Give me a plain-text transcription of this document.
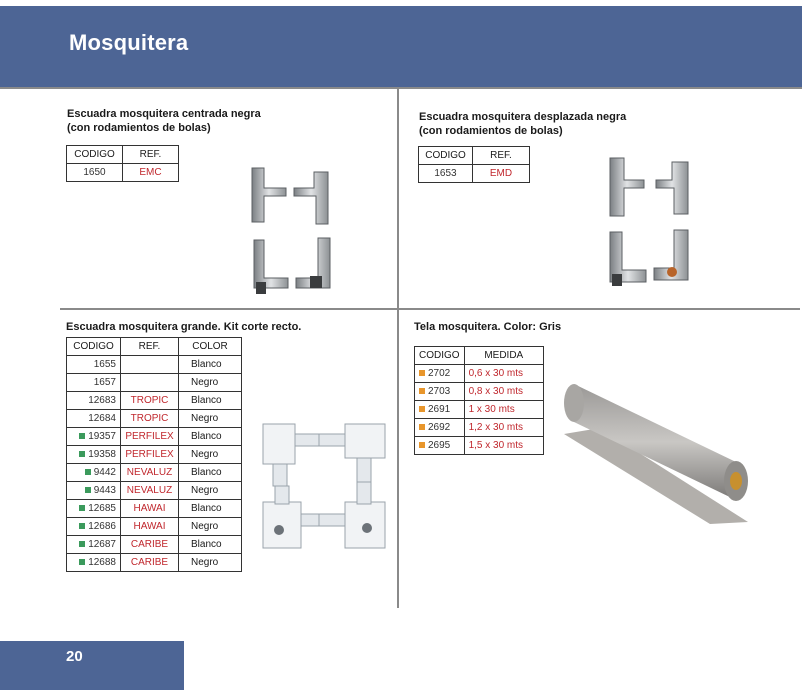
Mosquitera
Escuadra mosquitera centrada negra
(con rodamientos de bolas)
CODIGO	REF.
1650	EMC
Escuadra mosquitera desplazada negra
(con rodamientos de bolas)
CODIGO	REF.
1653	EMD
Escuadra mosquitera grande. Kit corte recto.
CODIGO	REF.	COLOR
1655		Blanco
1657		Negro
12683	TROPIC	Blanco
12684	TROPIC	Negro
19357	PERFILEX	Blanco
19358	PERFILEX	Negro
9442	NEVALUZ	Blanco
9443	NEVALUZ	Negro
12685	HAWAI	Blanco
12686	HAWAI	Negro
12687	CARIBE	Blanco
12688	CARIBE	Negro
Tela mosquitera. Color: Gris
CODIGO	MEDIDA
2702	0,6 x 30 mts
2703	0,8 x 30 mts
2691	1 x 30 mts
2692	1,2 x 30 mts
2695	1,5 x 30 mts
20
